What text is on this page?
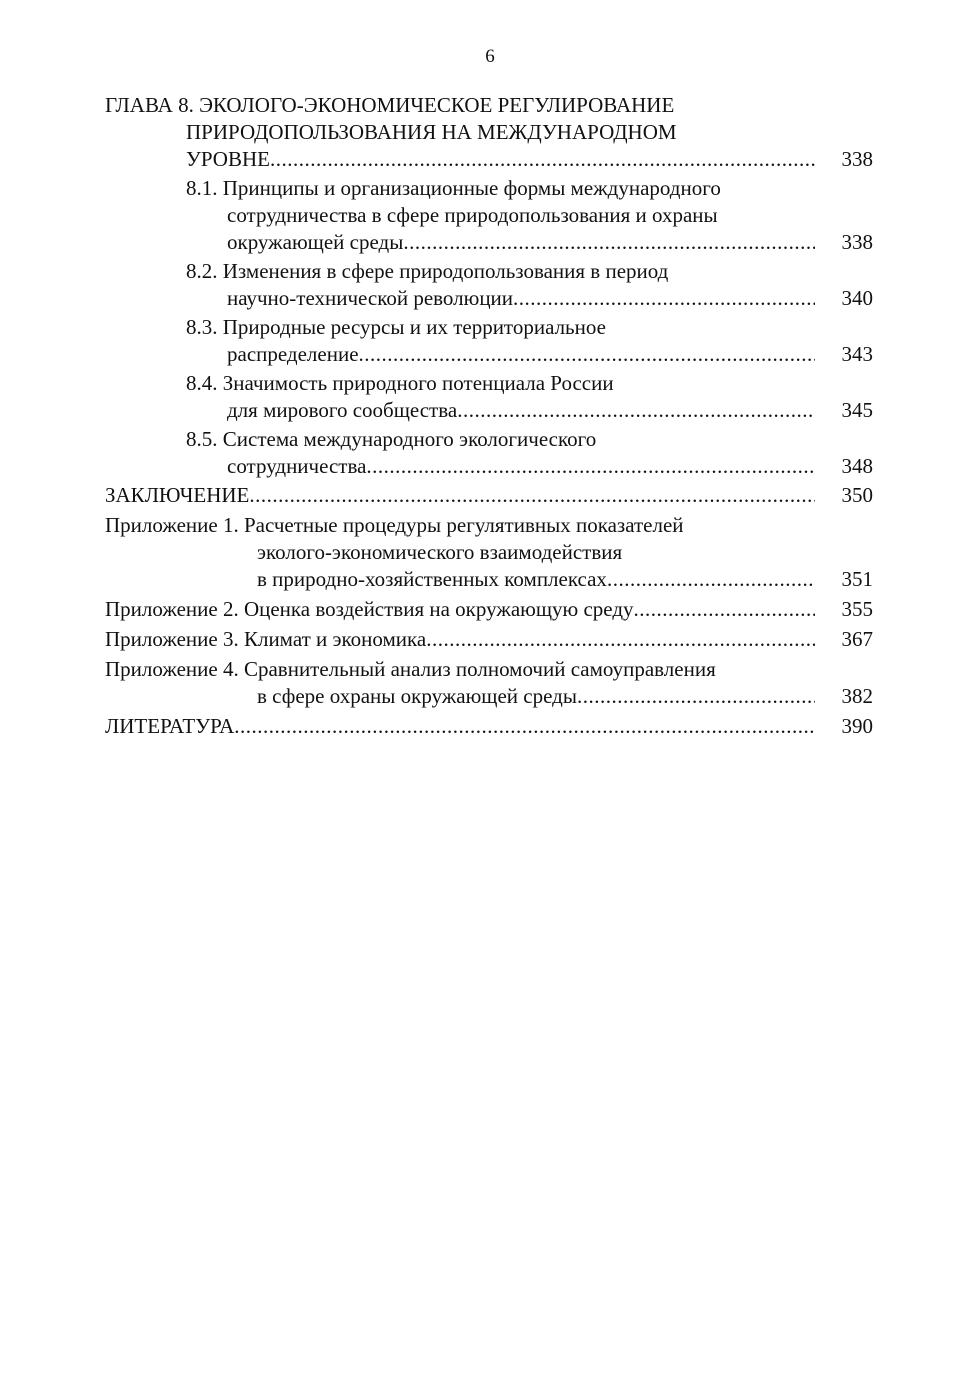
6
ГЛАВА 8. ЭКОЛОГО-ЭКОНОМИЧЕСКОЕ РЕГУЛИРОВАНИЕ
ПРИРОДОПОЛЬЗОВАНИЯ НА МЕЖДУНАРОДНОМ
УРОВНЕ .....	338
8.1. Принципы и организационные формы международного
сотрудничества в сфере природопользования и охраны
окружающей среды .....	338
8.2. Изменения в сфере природопользования в период
научно-технической революции .....	340
8.3. Природные ресурсы и их территориальное
распределение .....	343
8.4. Значимость природного потенциала России
для мирового сообщества .....	345
8.5. Система международного экологического
сотрудничества .....	348
ЗАКЛЮЧЕНИЕ .....	350
Приложение 1. Расчетные процедуры регулятивных показателей
эколого-экономического взаимодействия
в природно-хозяйственных комплексах .....	351
Приложение 2. Оценка воздействия на окружающую среду .....	355
Приложение 3. Климат и экономика .....	367
Приложение 4. Сравнительный анализ полномочий самоуправления
в сфере охраны окружающей среды .....	382
ЛИТЕРАТУРА .....	390
